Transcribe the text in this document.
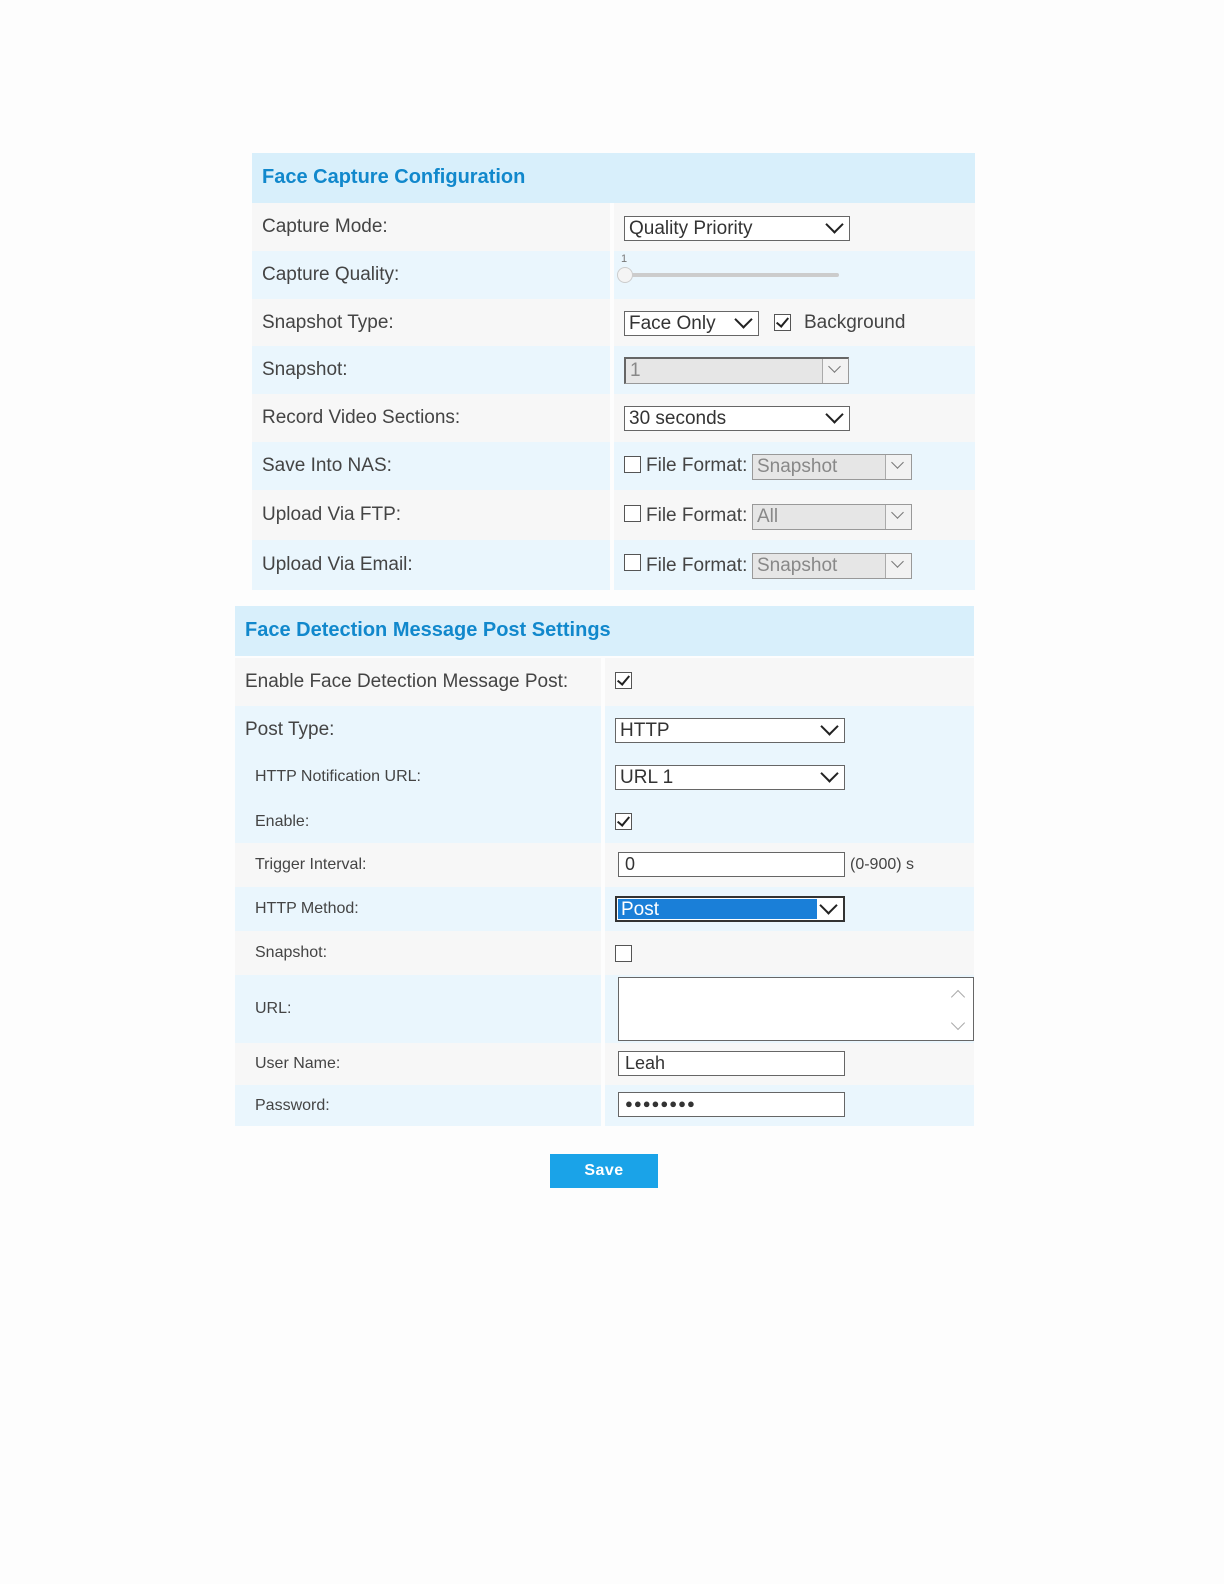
Face Capture Configuration
Capture Mode:	Quality Priority
Capture Quality:
1
Snapshot Type:	Face Only	Background
Snapshot:	1
Record Video Sections:	30 seconds
Save Into NAS:	File Format: Snapshot
Upload Via FTP:	File Format: All
Upload Via Email:	File Format: Snapshot
Face Detection Message Post Settings
Enable Face Detection Message Post:
Post Type:	HTTP
HTTP Notification URL:	URL 1
Enable:
Trigger Interval:	0	(0-900) s
HTTP Method:	Post
Snapshot:
URL:
User Name:	Leah
Password:	●●●●●●●●
Save
